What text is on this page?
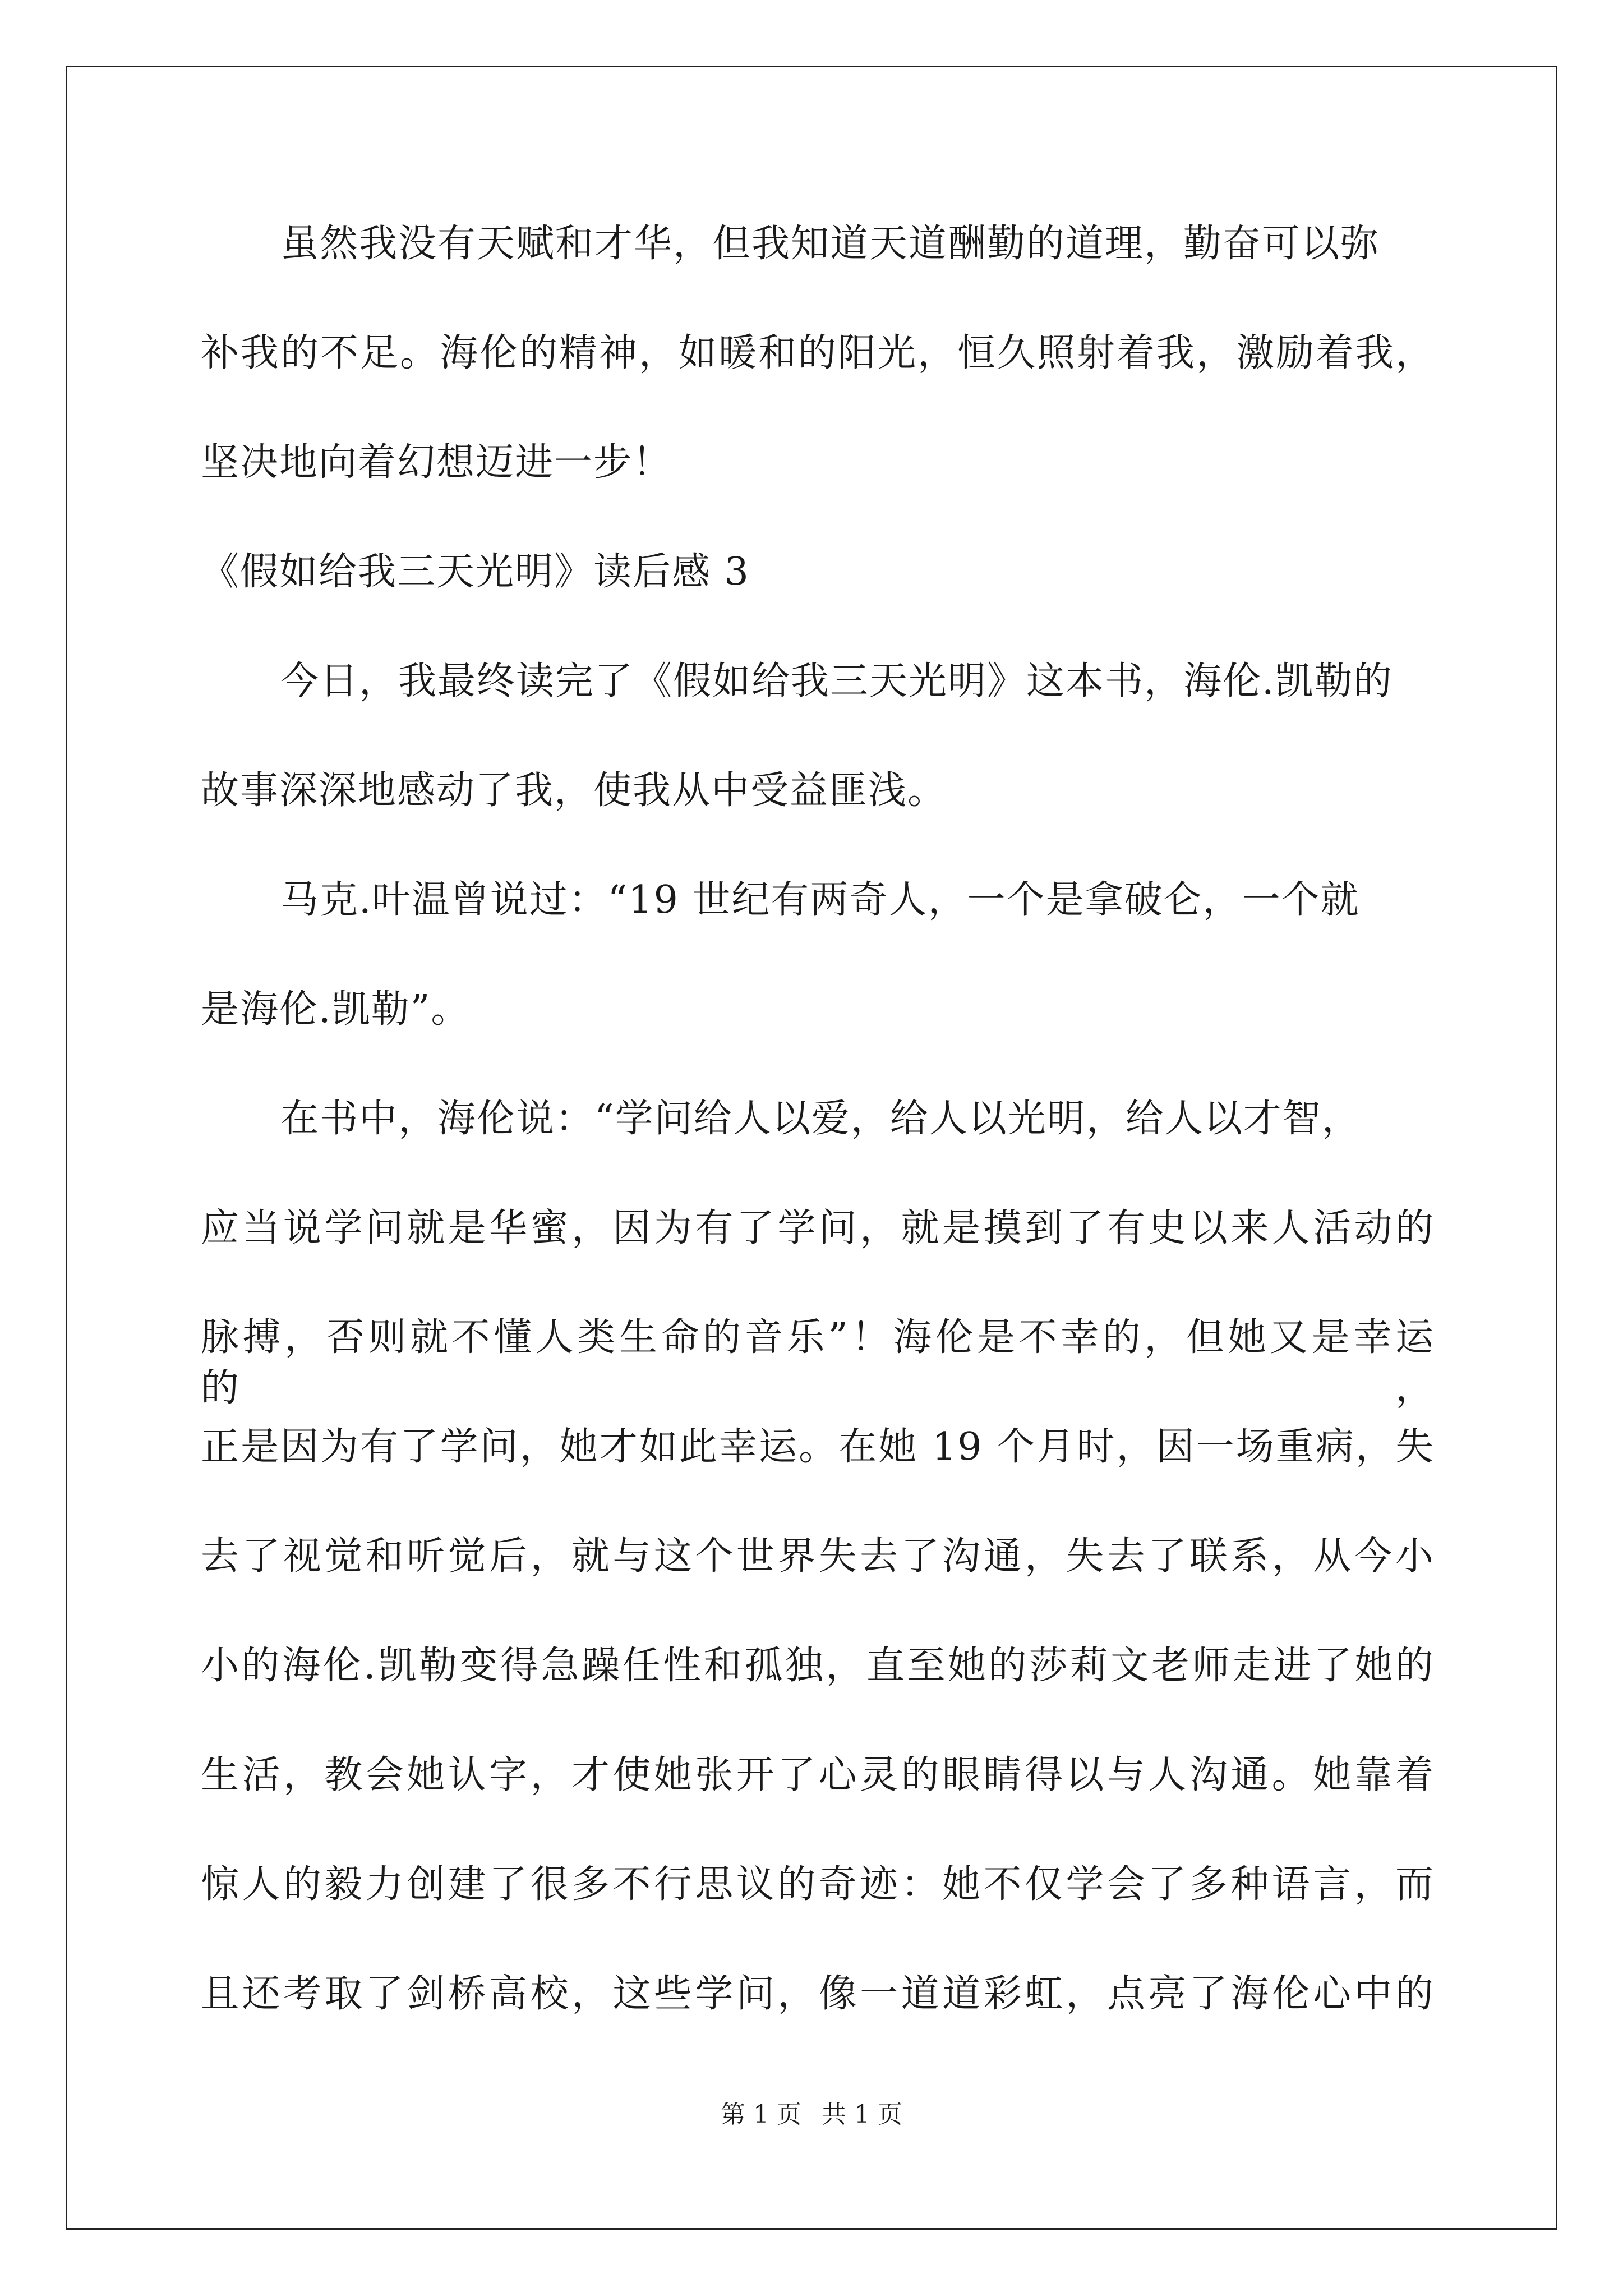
虽然我没有天赋和才华，但我知道天道酬勤的道理，勤奋可以弥
补我的不足。海伦的精神，如暖和的阳光，恒久照射着我，激励着我，
坚决地向着幻想迈进一步！
《假如给我三天光明》读后感 3
今日，我最终读完了《假如给我三天光明》这本书，海伦.凯勒的
故事深深地感动了我，使我从中受益匪浅。
马克.叶温曾说过：“19 世纪有两奇人，一个是拿破仑，一个就
是海伦.凯勒”。
在书中，海伦说：“学问给人以爱，给人以光明，给人以才智，
应当说学问就是华蜜，因为有了学问，就是摸到了有史以来人活动的
脉搏，否则就不懂人类生命的音乐”！海伦是不幸的，但她又是幸运的，
正是因为有了学问，她才如此幸运。在她 19 个月时，因一场重病，失
去了视觉和听觉后，就与这个世界失去了沟通，失去了联系，从今小
小的海伦.凯勒变得急躁任性和孤独，直至她的莎莉文老师走进了她的
生活，教会她认字，才使她张开了心灵的眼睛得以与人沟通。她靠着
惊人的毅力创建了很多不行思议的奇迹：她不仅学会了多种语言，而
且还考取了剑桥高校，这些学问，像一道道彩虹，点亮了海伦心中的
第 1 页 共 1 页
